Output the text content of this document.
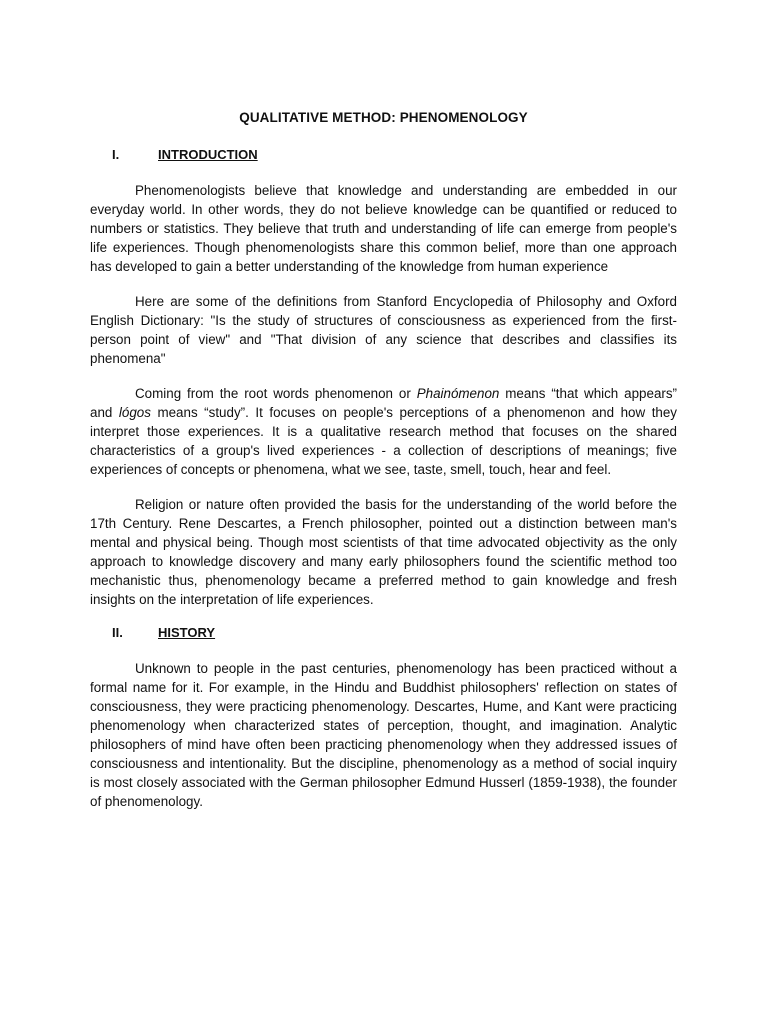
QUALITATIVE METHOD: PHENOMENOLOGY
I.	INTRODUCTION

Phenomenologists believe that knowledge and understanding are embedded in our everyday world. In other words, they do not believe knowledge can be quantified or reduced to numbers or statistics. They believe that truth and understanding of life can emerge from people's life experiences. Though phenomenologists share this common belief, more than one approach has developed to gain a better understanding of the knowledge from human experience

Here are some of the definitions from Stanford Encyclopedia of Philosophy and Oxford English Dictionary: "Is the study of structures of consciousness as experienced from the first-person point of view" and "That division of any science that describes and classifies its phenomena"

Coming from the root words phenomenon or Phainómenon means “that which appears” and lógos means “study”. It focuses on people's perceptions of a phenomenon and how they interpret those experiences. It is a qualitative research method that focuses on the shared characteristics of a group's lived experiences - a collection of descriptions of meanings; five experiences of concepts or phenomena, what we see, taste, smell, touch, hear and feel.

Religion or nature often provided the basis for the understanding of the world before the 17th Century. Rene Descartes, a French philosopher, pointed out a distinction between man's mental and physical being. Though most scientists of that time advocated objectivity as the only approach to knowledge discovery and many early philosophers found the scientific method too mechanistic thus, phenomenology became a preferred method to gain knowledge and fresh insights on the interpretation of life experiences.

II.	HISTORY

Unknown to people in the past centuries, phenomenology has been practiced without a formal name for it. For example, in the Hindu and Buddhist philosophers' reflection on states of consciousness, they were practicing phenomenology. Descartes, Hume, and Kant were practicing phenomenology when characterized states of perception, thought, and imagination. Analytic philosophers of mind have often been practicing phenomenology when they addressed issues of consciousness and intentionality. But the discipline, phenomenology as a method of social inquiry is most closely associated with the German philosopher Edmund Husserl (1859-1938), the founder of phenomenology.
